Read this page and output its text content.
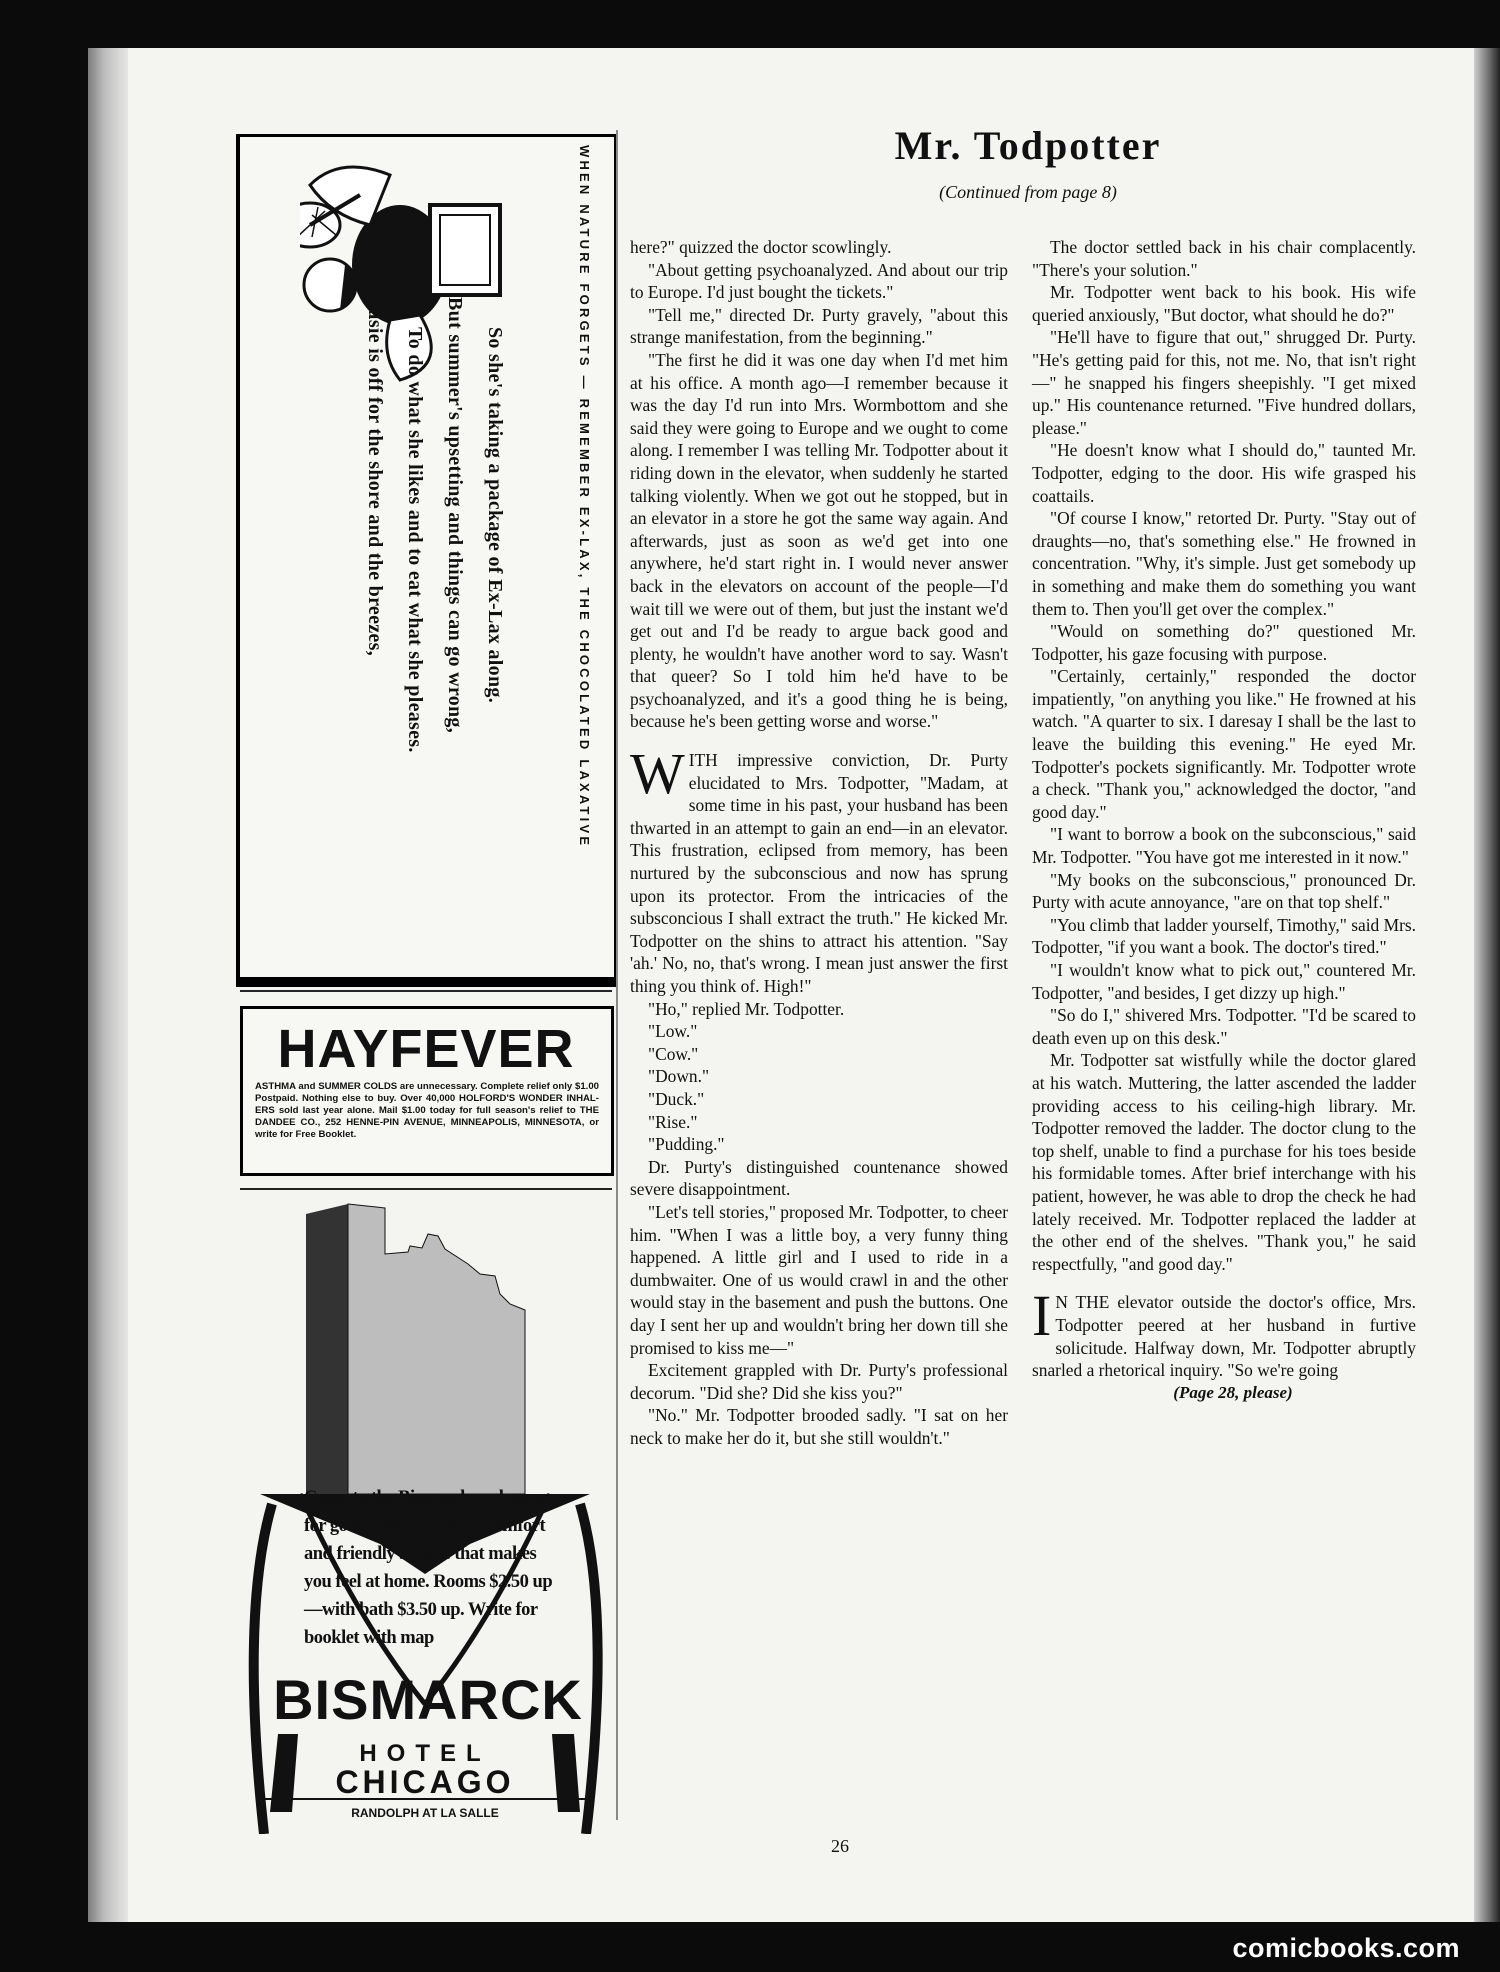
Susie is off for the shore and the breezes, To do what she likes and to eat what she pleases. But summer's upsetting and things can go wrong, So she's taking a package of Ex-Lax along.	WHEN NATURE FORGETS — REMEMBER EX-LAX, THE CHOCOLATED LAXATIVE
HAYFEVER
ASTHMA and SUMMER COLDS are unnecessary. Complete relief only $1.00 Postpaid. Nothing else to buy. Over 40,000 HOLFORD'S WONDER INHAL-ERS sold last year alone. Mail $1.00 today for full season's relief to THE DANDEE CO., 252 HENNE-PIN AVENUE, MINNEAPOLIS, MINNESOTA, or write for Free Booklet.
Come to the Bismarck . . . known for good food, luxurious comfort and friendly service that makes you feel at home. Rooms $2.50 up —with bath $3.50 up. Write for booklet with map
BISMARCK
HOTEL
CHICAGO
RANDOLPH AT LA SALLE
Mr. Todpotter
(Continued from page 8)

here?" quizzed the doctor scowlingly.

"About getting psychoanalyzed. And about our trip to Europe. I'd just bought the tickets."

"Tell me," directed Dr. Purty gravely, "about this strange manifestation, from the beginning."

"The first he did it was one day when I'd met him at his office. A month ago—I remember because it was the day I'd run into Mrs. Wormbottom and she said they were going to Europe and we ought to come along. I remember I was telling Mr. Todpotter about it riding down in the elevator, when suddenly he started talking violently. When we got out he stopped, but in an elevator in a store he got the same way again. And afterwards, just as soon as we'd get into one anywhere, he'd start right in. I would never answer back in the elevators on account of the people—I'd wait till we were out of them, but just the instant we'd get out and I'd be ready to argue back good and plenty, he wouldn't have another word to say. Wasn't that queer? So I told him he'd have to be psychoanalyzed, and it's a good thing he is being, because he's been getting worse and worse."

WITH impressive conviction, Dr. Purty elucidated to Mrs. Todpotter, "Madam, at some time in his past, your husband has been thwarted in an attempt to gain an end—in an elevator. This frustration, eclipsed from memory, has been nurtured by the subconscious and now has sprung upon its protector. From the intricacies of the subsconcious I shall extract the truth." He kicked Mr. Todpotter on the shins to attract his attention. "Say 'ah.' No, no, that's wrong. I mean just answer the first thing you think of. High!"

"Ho," replied Mr. Todpotter.

"Low."

"Cow."

"Down."

"Duck."

"Rise."

"Pudding."

Dr. Purty's distinguished countenance showed severe disappointment.

"Let's tell stories," proposed Mr. Todpotter, to cheer him. "When I was a little boy, a very funny thing happened. A little girl and I used to ride in a dumbwaiter. One of us would crawl in and the other would stay in the basement and push the buttons. One day I sent her up and wouldn't bring her down till she promised to kiss me—"

Excitement grappled with Dr. Purty's professional decorum. "Did she? Did she kiss you?"

"No." Mr. Todpotter brooded sadly. "I sat on her neck to make her do it, but she still wouldn't."

The doctor settled back in his chair complacently. "There's your solution."

Mr. Todpotter went back to his book. His wife queried anxiously, "But doctor, what should he do?"

"He'll have to figure that out," shrugged Dr. Purty. "He's getting paid for this, not me. No, that isn't right—" he snapped his fingers sheepishly. "I get mixed up." His countenance returned. "Five hundred dollars, please."

"He doesn't know what I should do," taunted Mr. Todpotter, edging to the door. His wife grasped his coattails.

"Of course I know," retorted Dr. Purty. "Stay out of draughts—no, that's something else." He frowned in concentration. "Why, it's simple. Just get somebody up in something and make them do something you want them to. Then you'll get over the complex."

"Would on something do?" questioned Mr. Todpotter, his gaze focusing with purpose.

"Certainly, certainly," responded the doctor impatiently, "on anything you like." He frowned at his watch. "A quarter to six. I daresay I shall be the last to leave the building this evening." He eyed Mr. Todpotter's pockets significantly. Mr. Todpotter wrote a check. "Thank you," acknowledged the doctor, "and good day."

"I want to borrow a book on the subconscious," said Mr. Todpotter. "You have got me interested in it now."

"My books on the subconscious," pronounced Dr. Purty with acute annoyance, "are on that top shelf."

"You climb that ladder yourself, Timothy," said Mrs. Todpotter, "if you want a book. The doctor's tired."

"I wouldn't know what to pick out," countered Mr. Todpotter, "and besides, I get dizzy up high."

"So do I," shivered Mrs. Todpotter. "I'd be scared to death even up on this desk."

Mr. Todpotter sat wistfully while the doctor glared at his watch. Muttering, the latter ascended the ladder providing access to his ceiling-high library. Mr. Todpotter removed the ladder. The doctor clung to the top shelf, unable to find a purchase for his toes beside his formidable tomes. After brief interchange with his patient, however, he was able to drop the check he had lately received. Mr. Todpotter replaced the ladder at the other end of the shelves. "Thank you," he said respectfully, "and good day."

I N THE elevator outside the doctor's office, Mrs. Todpotter peered at her husband in furtive solicitude. Halfway down, Mr. Todpotter abruptly snarled a rhetorical inquiry. "So we're going

(Page 28, please)

26
comicbooks.com
